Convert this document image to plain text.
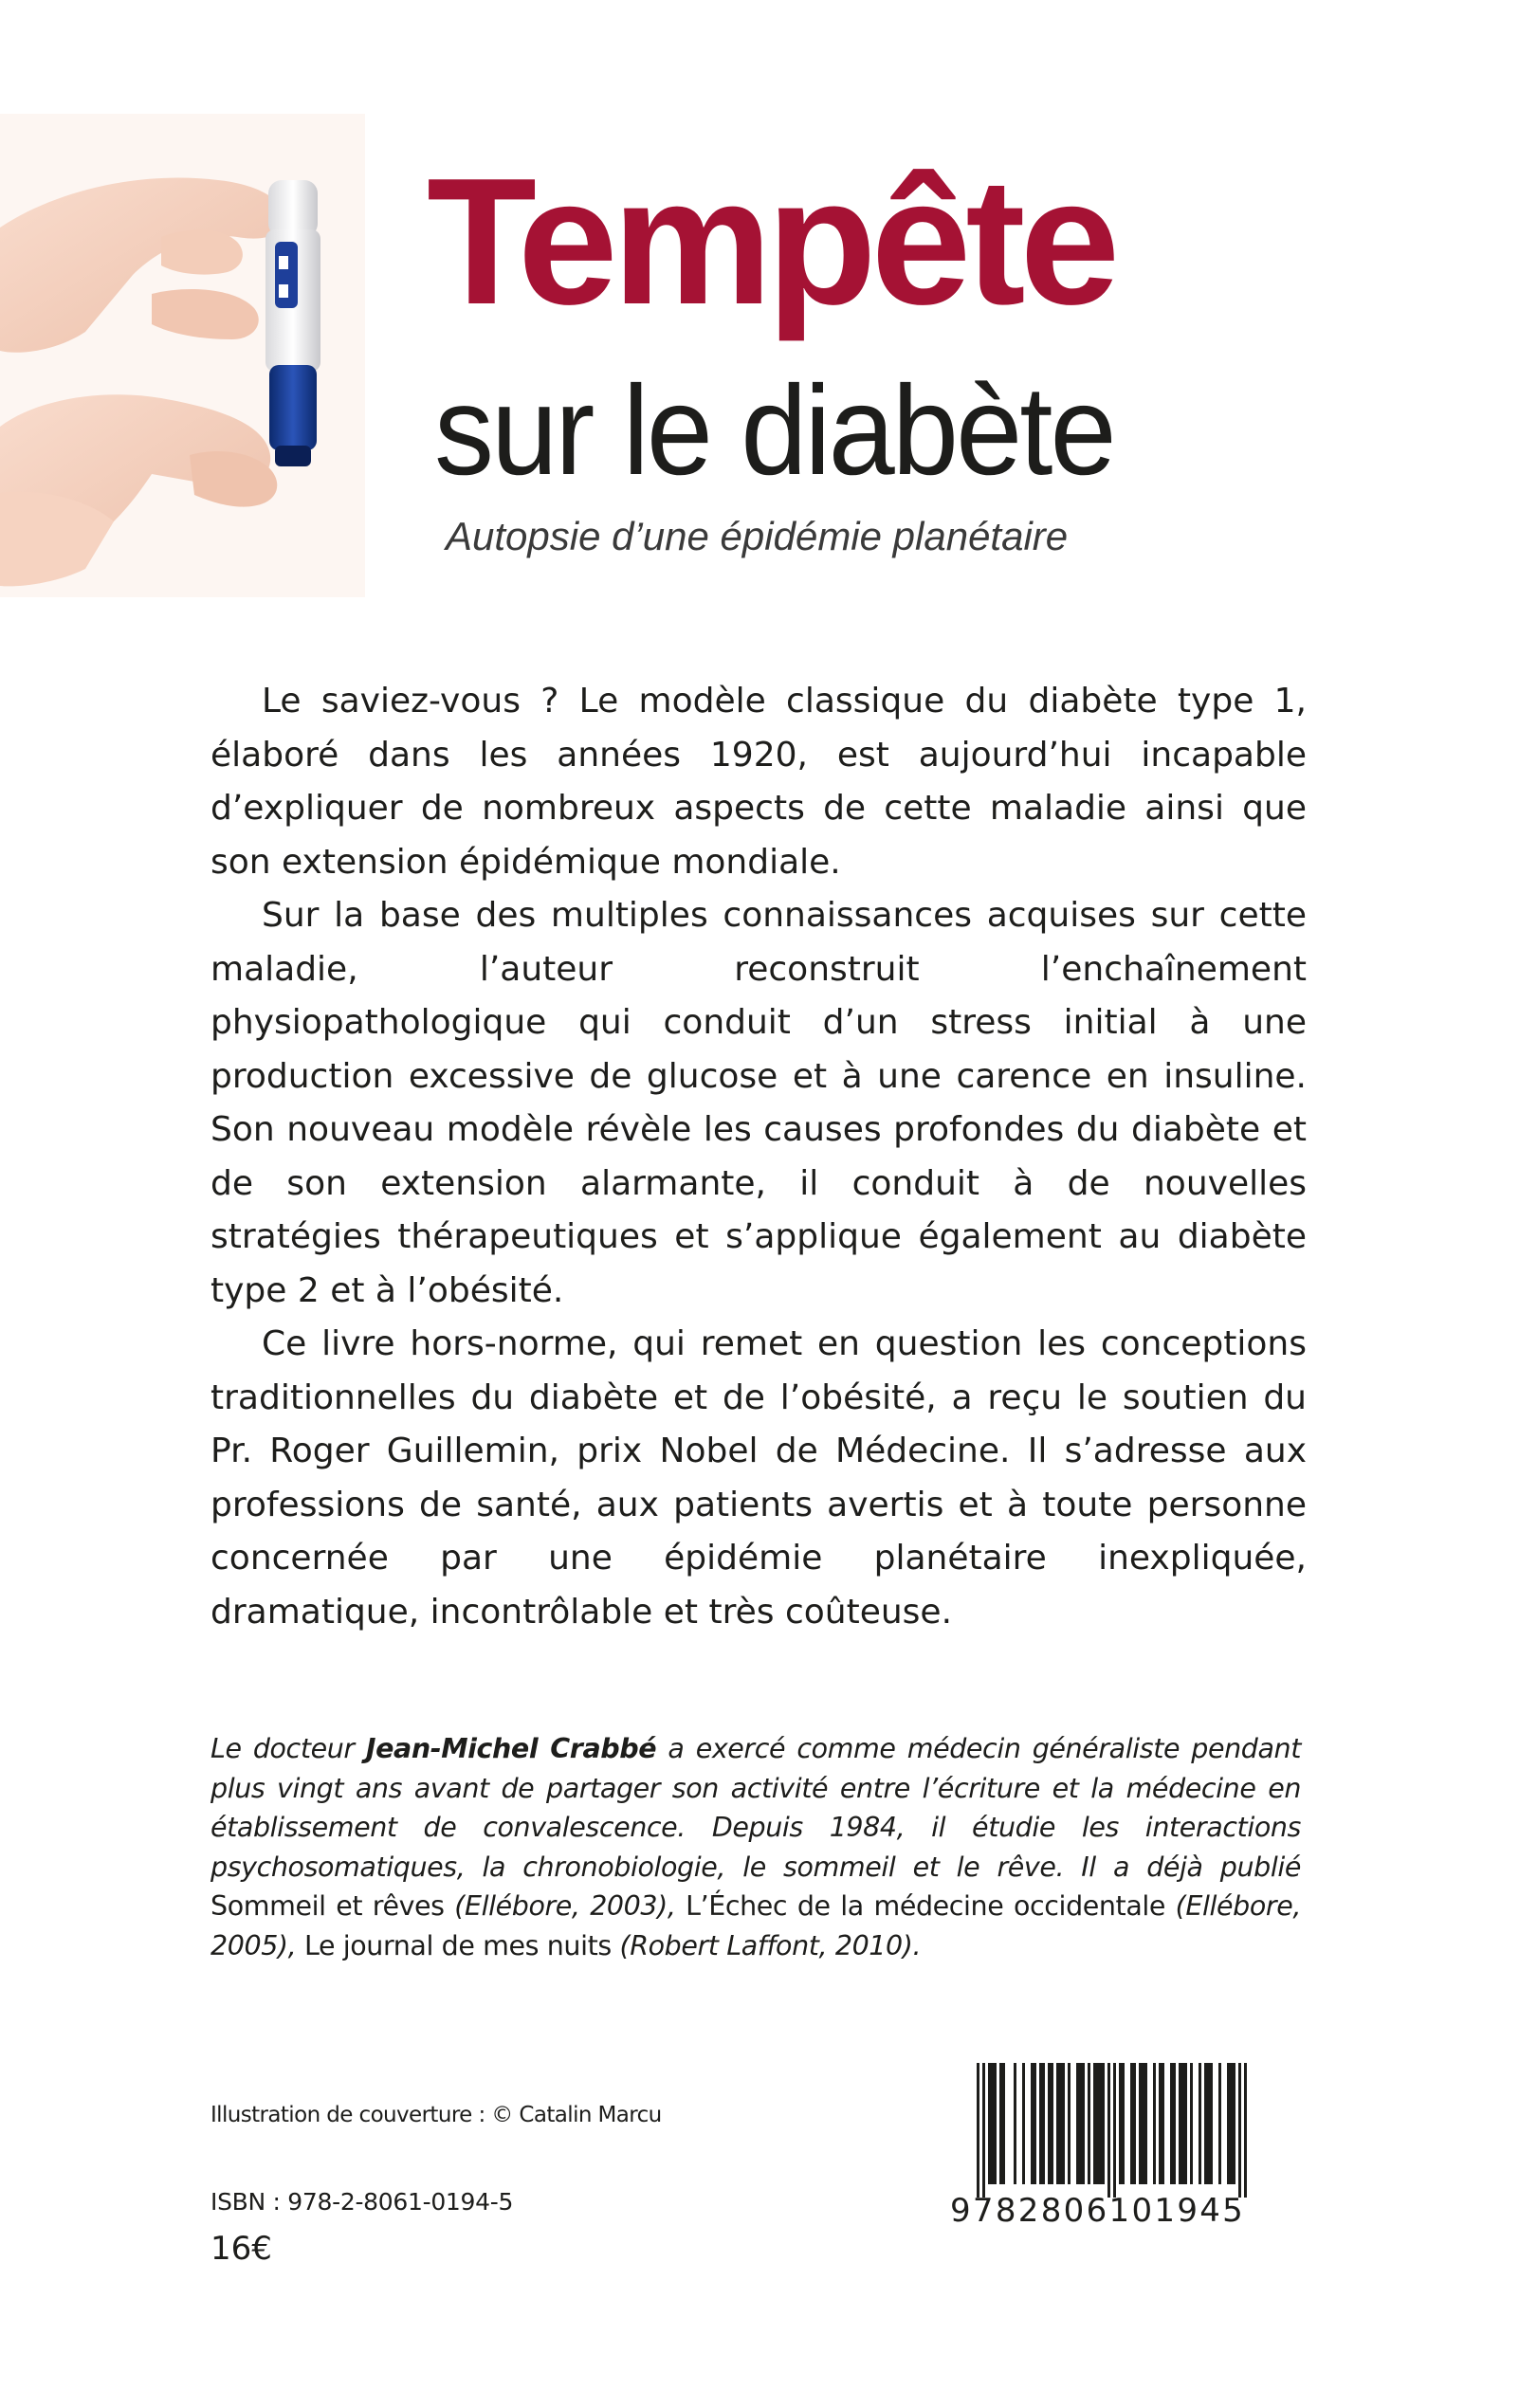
Tempête
sur le diabète
Autopsie d’une épidémie planétaire

Le saviez-vous ? Le modèle classique du diabète type 1, élaboré dans les années 1920, est aujourd’hui incapable d’expliquer de nombreux aspects de cette maladie ainsi que son extension épidémique mondiale.

Sur la base des multiples connaissances acquises sur cette maladie, l’auteur reconstruit l’enchaînement physiopathologique qui conduit d’un stress initial à une production excessive de glucose et à une carence en insuline. Son nouveau modèle révèle les causes profondes du diabète et de son extension alarmante, il conduit à de nouvelles stratégies thérapeutiques et s’applique également au diabète type 2 et à l’obésité.

Ce livre hors-norme, qui remet en question les conceptions traditionnelles du diabète et de l’obésité, a reçu le soutien du Pr. Roger Guillemin, prix Nobel de Médecine. Il s’adresse aux professions de santé, aux patients avertis et à toute personne concernée par une épidémie planétaire inexpliquée, dramatique, incontrôlable et très coûteuse.

Le docteur Jean-Michel Crabbé a exercé comme médecin généraliste pendant plus vingt ans avant de partager son activité entre l’écriture et la médecine en établissement de convalescence. Depuis 1984, il étudie les interactions psychosomatiques, la chronobiologie, le sommeil et le rêve. Il a déjà publié Sommeil et rêves (Ellébore, 2003), L’Échec de la médecine occidentale (Ellébore, 2005), Le journal de mes nuits (Robert Laffont, 2010).
Illustration de couverture : © Catalin Marcu
ISBN : 978-2-8061-0194-5
16€
9782806101945
